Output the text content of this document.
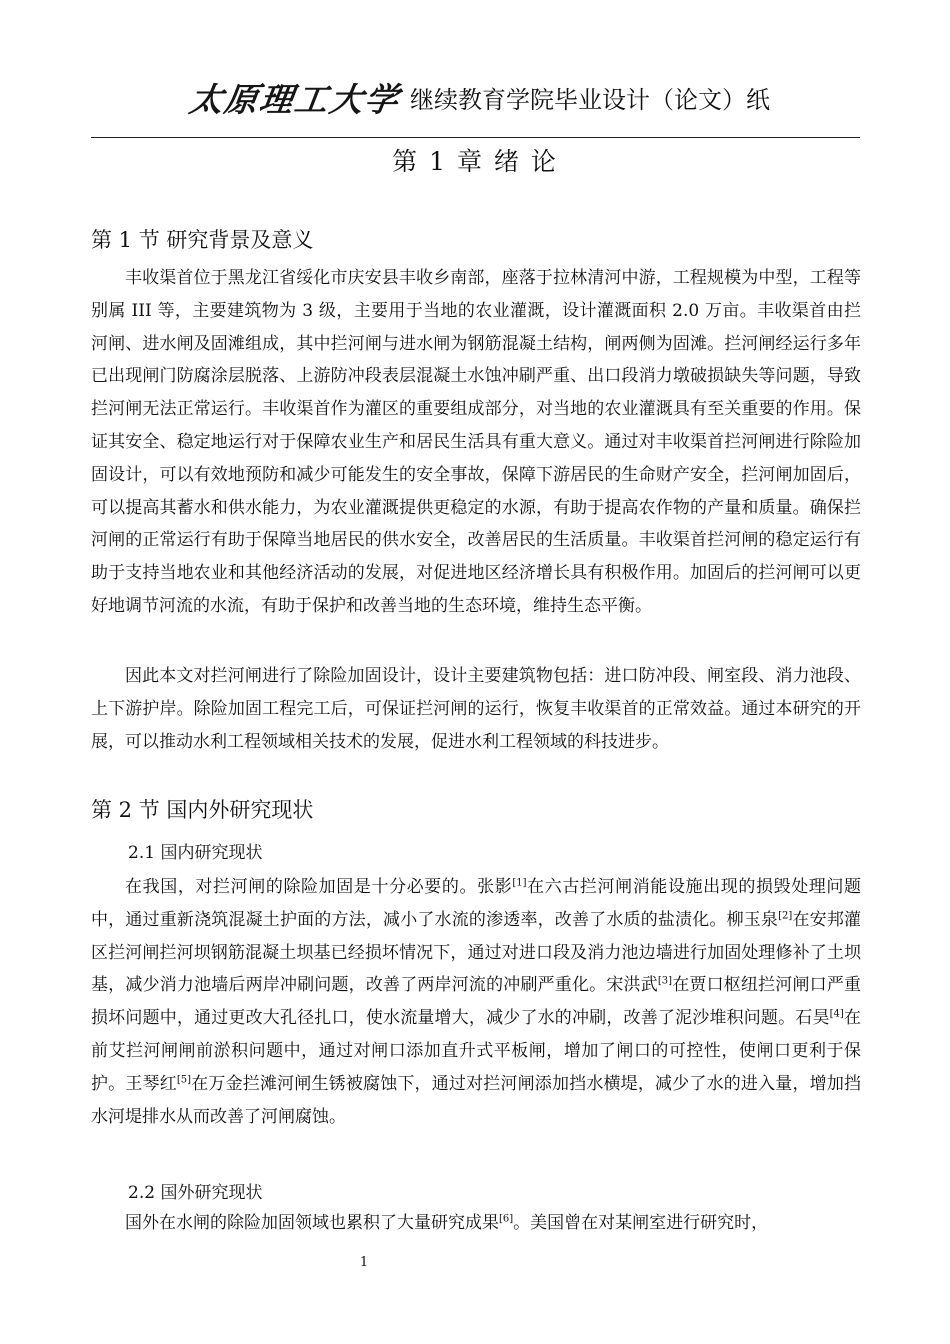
太原理工大学 继续教育学院毕业设计（论文）纸
第 1 章 绪 论
第 1 节 研究背景及意义
丰收渠首位于黑龙江省绥化市庆安县丰收乡南部，座落于拉林清河中游，工程规模为中型，工程等别属 III 等，主要建筑物为 3 级，主要用于当地的农业灌溉，设计灌溉面积 2.0 万亩。丰收渠首由拦河闸、进水闸及固滩组成，其中拦河闸与进水闸为钢筋混凝土结构，闸两侧为固滩。拦河闸经运行多年已出现闸门防腐涂层脱落、上游防冲段表层混凝土水蚀冲刷严重、出口段消力墩破损缺失等问题，导致拦河闸无法正常运行。丰收渠首作为灌区的重要组成部分，对当地的农业灌溉具有至关重要的作用。保证其安全、稳定地运行对于保障农业生产和居民生活具有重大意义。通过对丰收渠首拦河闸进行除险加固设计，可以有效地预防和减少可能发生的安全事故，保障下游居民的生命财产安全，拦河闸加固后，可以提高其蓄水和供水能力，为农业灌溉提供更稳定的水源，有助于提高农作物的产量和质量。确保拦河闸的正常运行有助于保障当地居民的供水安全，改善居民的生活质量。丰收渠首拦河闸的稳定运行有助于支持当地农业和其他经济活动的发展，对促进地区经济增长具有积极作用。加固后的拦河闸可以更好地调节河流的水流，有助于保护和改善当地的生态环境，维持生态平衡。
因此本文对拦河闸进行了除险加固设计，设计主要建筑物包括：进口防冲段、闸室段、消力池段、上下游护岸。除险加固工程完工后，可保证拦河闸的运行，恢复丰收渠首的正常效益。通过本研究的开展，可以推动水利工程领域相关技术的发展，促进水利工程领域的科技进步。
第 2 节 国内外研究现状
2.1 国内研究现状
在我国，对拦河闸的除险加固是十分必要的。张影[1]在六古拦河闸消能设施出现的损毁处理问题中，通过重新浇筑混凝土护面的方法，减小了水流的渗透率，改善了水质的盐渍化。柳玉泉[2]在安邦灌区拦河闸拦河坝钢筋混凝土坝基已经损坏情况下，通过对进口段及消力池边墙进行加固处理修补了土坝基，减少消力池墙后两岸冲刷问题，改善了两岸河流的冲刷严重化。宋洪武[3]在贾口枢纽拦河闸口严重损坏问题中，通过更改大孔径扎口，使水流量增大，减少了水的冲刷，改善了泥沙堆积问题。石昊[4]在前艾拦河闸闸前淤积问题中，通过对闸口添加直升式平板闸，增加了闸口的可控性，使闸口更利于保护。王琴红[5]在万金拦滩河闸生锈被腐蚀下，通过对拦河闸添加挡水横堤，减少了水的进入量，增加挡水河堤排水从而改善了河闸腐蚀。
2.2 国外研究现状
国外在水闸的除险加固领域也累积了大量研究成果[6]。美国曾在对某闸室进行研究时，
1
